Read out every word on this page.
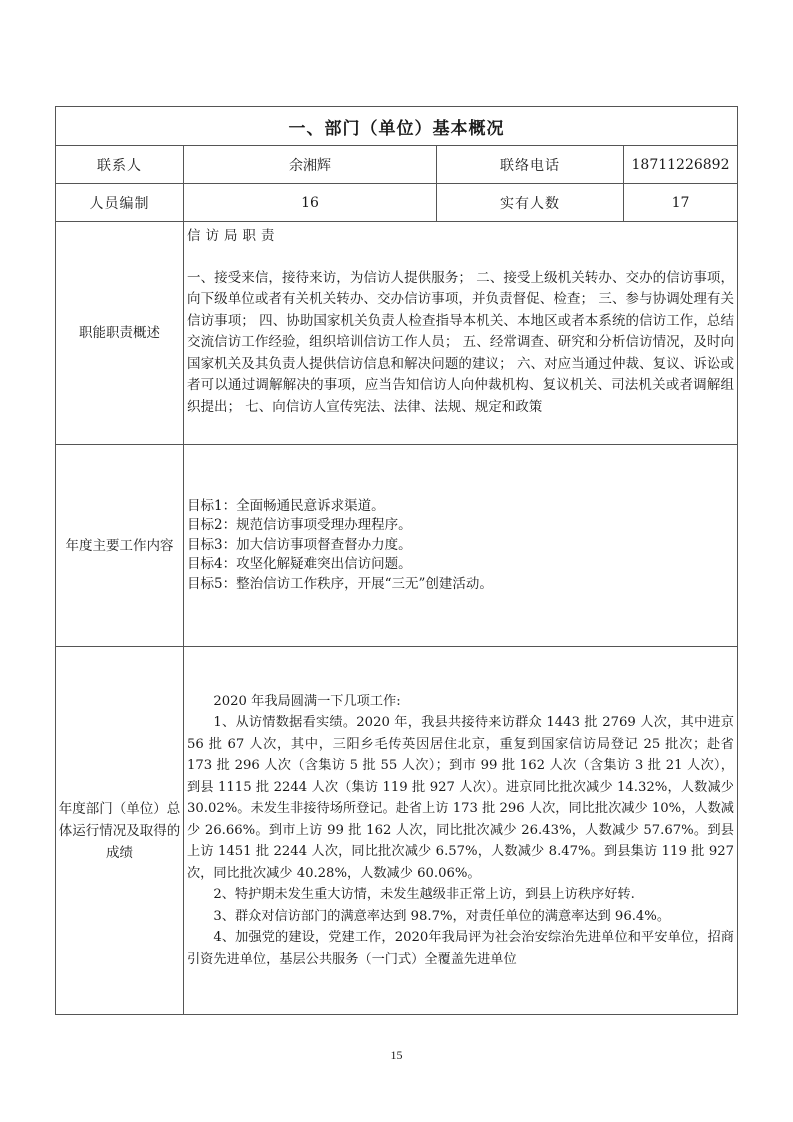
一、部门（单位）基本概况			
联系人	余湘辉	联络电话	18711226892
人员编制	16	实有人数	17
职能职责概述	信访局职责
一、接受来信，接待来访，为信访人提供服务； 二、接受上级机关转办、交办的信访事项，向下级单位或者有关机关转办、交办信访事项，并负责督促、检查； 三、参与协调处理有关信访事项； 四、协助国家机关负责人检查指导本机关、本地区或者本系统的信访工作，总结交流信访工作经验，组织培训信访工作人员； 五、经常调查、研究和分析信访情况，及时向国家机关及其负责人提供信访信息和解决问题的建议； 六、对应当通过仲裁、复议、诉讼或者可以通过调解解决的事项，应当告知信访人向仲裁机构、复议机关、司法机关或者调解组织提出； 七、向信访人宣传宪法、法律、法规、规定和政策		

年度主要工作内容	目标1：全面畅通民意诉求渠道。
目标2：规范信访事项受理办理程序。
目标3：加大信访事项督查督办力度。
目标4：攻坚化解疑难突出信访问题。
目标5：整治信访工作秩序，开展“三无”创建活动。		

年度部门（单位）总体运行情况及取得的成绩	2020 年我局圆满一下几项工作:

1、从访情数据看实绩。2020 年，我县共接待来访群众 1443 批 2769 人次，其中进京 56 批 67 人次，其中，三阳乡毛传英因居住北京，重复到国家信访局登记 25 批次；赴省 173 批 296 人次（含集访 5 批 55 人次）；到市 99 批 162 人次（含集访 3 批 21 人次），到县 1115 批 2244 人次（集访 119 批 927 人次）。进京同比批次减少 14.32%，人数减少 30.02%。未发生非接待场所登记。赴省上访 173 批 296 人次，同比批次减少 10%，人数减少 26.66%。到市上访 99 批 162 人次，同比批次减少 26.43%，人数减少 57.67%。到县上访 1451 批 2244 人次，同比批次减少 6.57%，人数减少 8.47%。到县集访 119 批 927 次，同比批次减少 40.28%，人数减少 60.06%。

2、特护期未发生重大访情，未发生越级非正常上访，到县上访秩序好转.

3、群众对信访部门的满意率达到 98.7%，对责任单位的满意率达到 96.4%。

4、加强党的建设，党建工作，2020年我局评为社会治安综治先进单位和平安单位，招商引资先进单位，基层公共服务（一门式）全覆盖先进单位		

15
